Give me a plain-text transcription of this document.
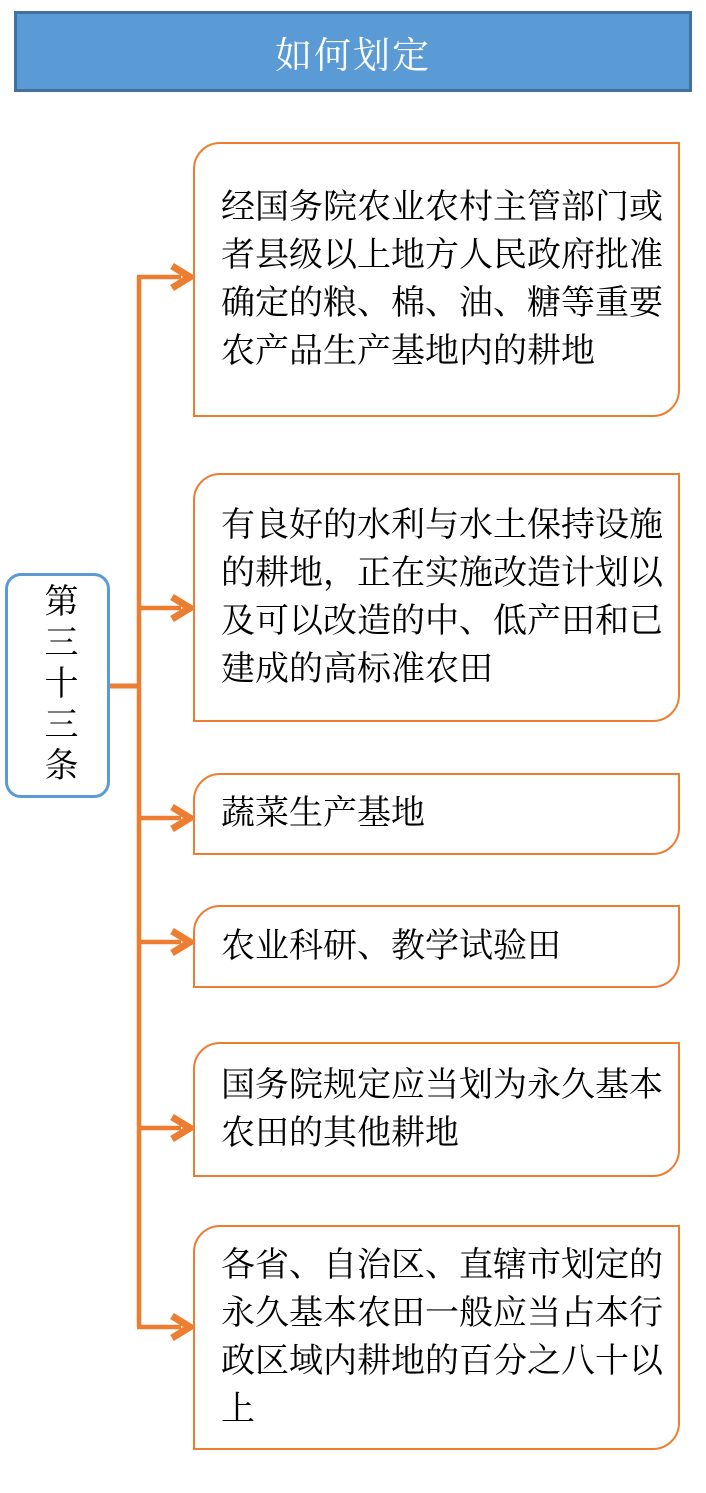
如何划定
第三十三条
经国务院农业农村主管部门或者县级以上地方人民政府批准确定的粮、棉、油、糖等重要农产品生产基地内的耕地
有良好的水利与水土保持设施的耕地，正在实施改造计划以及可以改造的中、低产田和已建成的高标准农田
蔬菜生产基地
农业科研、教学试验田
国务院规定应当划为永久基本农田的其他耕地
各省、自治区、直辖市划定的永久基本农田一般应当占本行政区域内耕地的百分之八十以上
